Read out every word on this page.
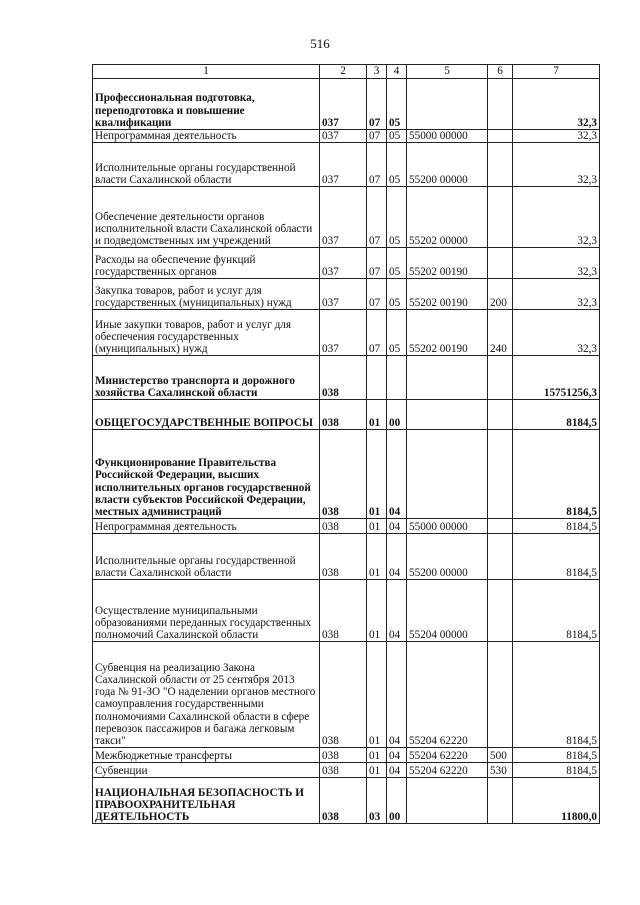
516
1	2	3	4	5	6	7
Профессиональная подготовка, переподготовка и повышение квалификации	037	07	05			32,3
Непрограммная деятельность	037	07	05	55000 00000		32,3
Исполнительные органы государственной власти Сахалинской области	037	07	05	55200 00000		32,3
Обеспечение деятельности органов исполнительной власти Сахалинской области и подведомственных им учреждений	037	07	05	55202 00000		32,3
Расходы на обеспечение функций государственных органов	037	07	05	55202 00190		32,3
Закупка товаров, работ и услуг для государственных (муниципальных) нужд	037	07	05	55202 00190	200	32,3
Иные закупки товаров, работ и услуг для обеспечения государственных (муниципальных) нужд	037	07	05	55202 00190	240	32,3
Министерство транспорта и дорожного хозяйства Сахалинской области	038					15751256,3
ОБЩЕГОСУДАРСТВЕННЫЕ ВОПРОСЫ	038	01	00			8184,5
Функционирование Правительства Российской Федерации, высших исполнительных органов государственной власти субъектов Российской Федерации, местных администраций	038	01	04			8184,5
Непрограммная деятельность	038	01	04	55000 00000		8184,5
Исполнительные органы государственной власти Сахалинской области	038	01	04	55200 00000		8184,5
Осуществление муниципальными образованиями переданных государственных полномочий Сахалинской области	038	01	04	55204 00000		8184,5
Субвенция на реализацию Закона Сахалинской области от 25 сентября 2013 года № 91-ЗО "О наделении органов местного самоуправления государственными полномочиями Сахалинской области в сфере перевозок пассажиров и багажа легковым такси"	038	01	04	55204 62220		8184,5
Межбюджетные трансферты	038	01	04	55204 62220	500	8184,5
Субвенции	038	01	04	55204 62220	530	8184,5
НАЦИОНАЛЬНАЯ БЕЗОПАСНОСТЬ И ПРАВООХРАНИТЕЛЬНАЯ ДЕЯТЕЛЬНОСТЬ	038	03	00			11800,0
